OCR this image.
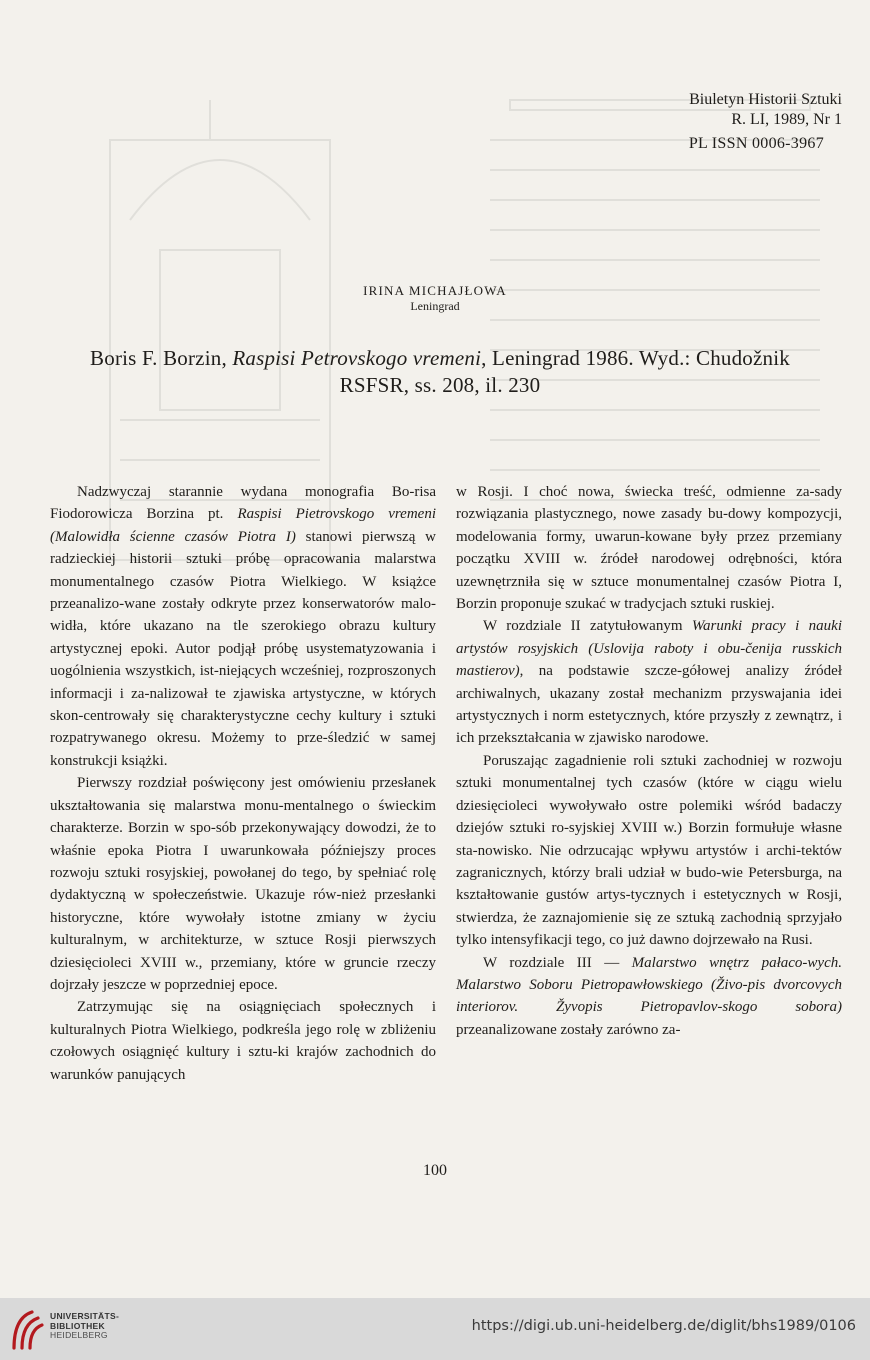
Biuletyn Historii Sztuki
R. LI, 1989, Nr 1
PL ISSN 0006-3967
IRINA MICHAJŁOWA
Leningrad
Boris F. Borzin, Raspisi Petrovskogo vremeni, Leningrad 1986. Wyd.: Chudožnik
RSFSR, ss. 208, il. 230

Nadzwyczaj starannie wydana monografia Bo-risa Fiodorowicza Borzina pt. Raspisi Pietrovskogo vremeni (Malowidła ścienne czasów Piotra I) stanowi pierwszą w radzieckiej historii sztuki próbę opracowania malarstwa monumentalnego czasów Piotra Wielkiego. W książce przeanalizo-wane zostały odkryte przez konserwatorów malo-widła, które ukazano na tle szerokiego obrazu kultury artystycznej epoki. Autor podjął próbę usystematyzowania i uogólnienia wszystkich, ist-niejących wcześniej, rozproszonych informacji i za-nalizował te zjawiska artystyczne, w których skon-centrowały się charakterystyczne cechy kultury i sztuki rozpatrywanego okresu. Możemy to prze-śledzić w samej konstrukcji książki.

Pierwszy rozdział poświęcony jest omówieniu przesłanek ukształtowania się malarstwa monu-mentalnego o świeckim charakterze. Borzin w spo-sób przekonywający dowodzi, że to właśnie epoka Piotra I uwarunkowała późniejszy proces rozwoju sztuki rosyjskiej, powołanej do tego, by spełniać rolę dydaktyczną w społeczeństwie. Ukazuje rów-nież przesłanki historyczne, które wywołały istotne zmiany w życiu kulturalnym, w architekturze, w sztuce Rosji pierwszych dziesięcioleci XVIII w., przemiany, które w gruncie rzeczy dojrzały jeszcze w poprzedniej epoce.

Zatrzymując się na osiągnięciach społecznych i kulturalnych Piotra Wielkiego, podkreśla jego rolę w zbliżeniu czołowych osiągnięć kultury i sztu-ki krajów zachodnich do warunków panujących

w Rosji. I choć nowa, świecka treść, odmienne za-sady rozwiązania plastycznego, nowe zasady bu-dowy kompozycji, modelowania formy, uwarun-kowane były przez przemiany początku XVIII w. źródeł narodowej odrębności, która uzewnętrzniła się w sztuce monumentalnej czasów Piotra I, Borzin proponuje szukać w tradycjach sztuki ruskiej.

W rozdziale II zatytułowanym Warunki pracy i nauki artystów rosyjskich (Uslovija raboty i obu-čenija russkich mastierov), na podstawie szcze-gółowej analizy źródeł archiwalnych, ukazany został mechanizm przyswajania idei artystycznych i norm estetycznych, które przyszły z zewnątrz, i ich przekształcania w zjawisko narodowe.

Poruszając zagadnienie roli sztuki zachodniej w rozwoju sztuki monumentalnej tych czasów (które w ciągu wielu dziesięcioleci wywoływało ostre polemiki wśród badaczy dziejów sztuki ro-syjskiej XVIII w.) Borzin formułuje własne sta-nowisko. Nie odrzucając wpływu artystów i archi-tektów zagranicznych, którzy brali udział w budo-wie Petersburga, na kształtowanie gustów artys-tycznych i estetycznych w Rosji, stwierdza, że zaznajomienie się ze sztuką zachodnią sprzyjało tylko intensyfikacji tego, co już dawno dojrzewało na Rusi.

W rozdziale III — Malarstwo wnętrz pałaco-wych. Malarstwo Soboru Pietropawłowskiego (Živo-pis dvorcovych interiorov. Žyvopis Pietropavlov-skogo sobora) przeanalizowane zostały zarówno za-

100
UNIVERSITÄTS-
BIBLIOTHEK
HEIDELBERG
https://digi.ub.uni-heidelberg.de/diglit/bhs1989/0106
